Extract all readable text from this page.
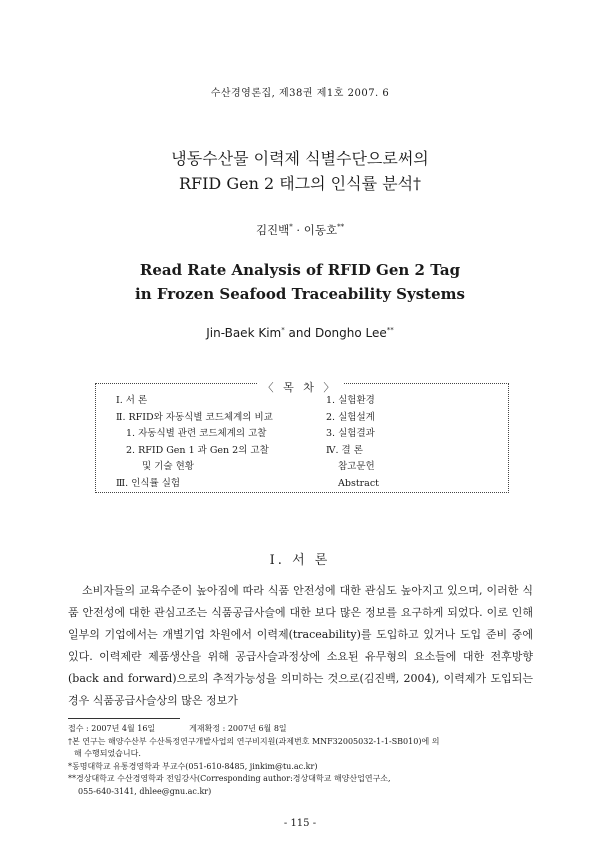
수산경영론집, 제38권 제1호 2007. 6
냉동수산물 이력제 식별수단으로써의
RFID Gen 2 태그의 인식률 분석†
김진백* · 이동호**
Read Rate Analysis of RFID Gen 2 Tag
in Frozen Seafood Traceability Systems
Jin-Baek Kim* and Dongho Lee**
〈 목 차 〉
Ⅰ. 서 론
Ⅱ. RFID와 자동식별 코드체계의 비교
1. 자동식별 관련 코드체계의 고찰
2. RFID Gen 1 과 Gen 2의 고찰
및 기술 현황
Ⅲ. 인식률 실험
1. 실험환경
2. 실험설계
3. 실험결과
Ⅳ. 결 론
참고문헌
Abstract
Ⅰ. 서 론

소비자들의 교육수준이 높아짐에 따라 식품 안전성에 대한 관심도 높아지고 있으며, 이러한 식품 안전성에 대한 관심고조는 식품공급사슬에 대한 보다 많은 정보를 요구하게 되었다. 이로 인해 일부의 기업에서는 개별기업 차원에서 이력제(traceability)를 도입하고 있거나 도입 준비 중에 있다. 이력제란 제품생산을 위해 공급사슬과정상에 소요된 유무형의 요소들에 대한 전후방향(back and forward)으로의 추적가능성을 의미하는 것으로(김진백, 2004), 이력제가 도입되는 경우 식품공급사슬상의 많은 정보가

접수 : 2007년 4월 16일	게재확정 : 2007년 6월 8일
†본 연구는 해양수산부 수산특정연구개발사업의 연구비지원(과제번호 MNF32005032-1-1-SB010)에 의
해 수행되었습니다.
*동명대학교 유통경영학과 부교수(051-610-8485, jinkim@tu.ac.kr)
**경상대학교 수산경영학과 전임강사(Corresponding author:경상대학교 해양산업연구소,
055-640-3141, dhlee@gnu.ac.kr)
- 115 -
